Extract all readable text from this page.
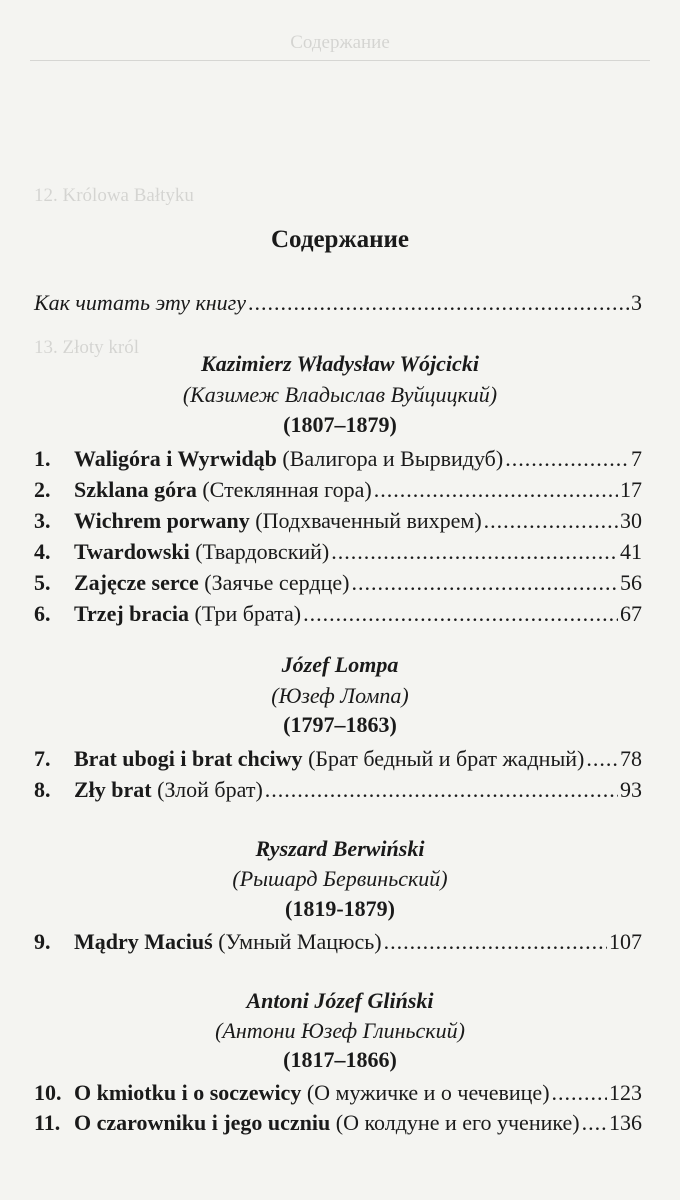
Содержание
12. Królowa Bałtyku
13. Złoty król
Содержание
Как читать эту книгу .....	3
Kazimierz Władysław Wójcicki
(Казимеж Владыслав Вуйцицкий)
(1807–1879)
1.	Waligóra i Wyrwidąb (Валигора и Вырвидуб) .....	7
2.	Szklana góra (Стеклянная гора) .....	17
3.	Wichrem porwany (Подхваченный вихрем) .....	30
4.	Twardowski (Твардовский) .....	41
5.	Zajęcze serce (Заячье сердце) .....	56
6.	Trzej bracia (Три брата) .....	67
Józef Lompa
(Юзеф Ломпа)
(1797–1863)
7.	Brat ubogi i brat chciwy (Брат бедный и брат жадный) ..... 78
8.	Zły brat (Злой брат) .....	93
Ryszard Berwiński
(Рышард Бервиньский)
(1819-1879)
9.	Mądry Maciuś (Умный Мацюсь) .....	107
Antoni Józef Gliński
(Антони Юзеф Глиньский)
(1817–1866)
10. O kmiotku i o soczewicy (О мужичке и о чечевице) .....	123
11. O czarowniku i jego uczniu (О колдуне и его ученике) ..... 136
